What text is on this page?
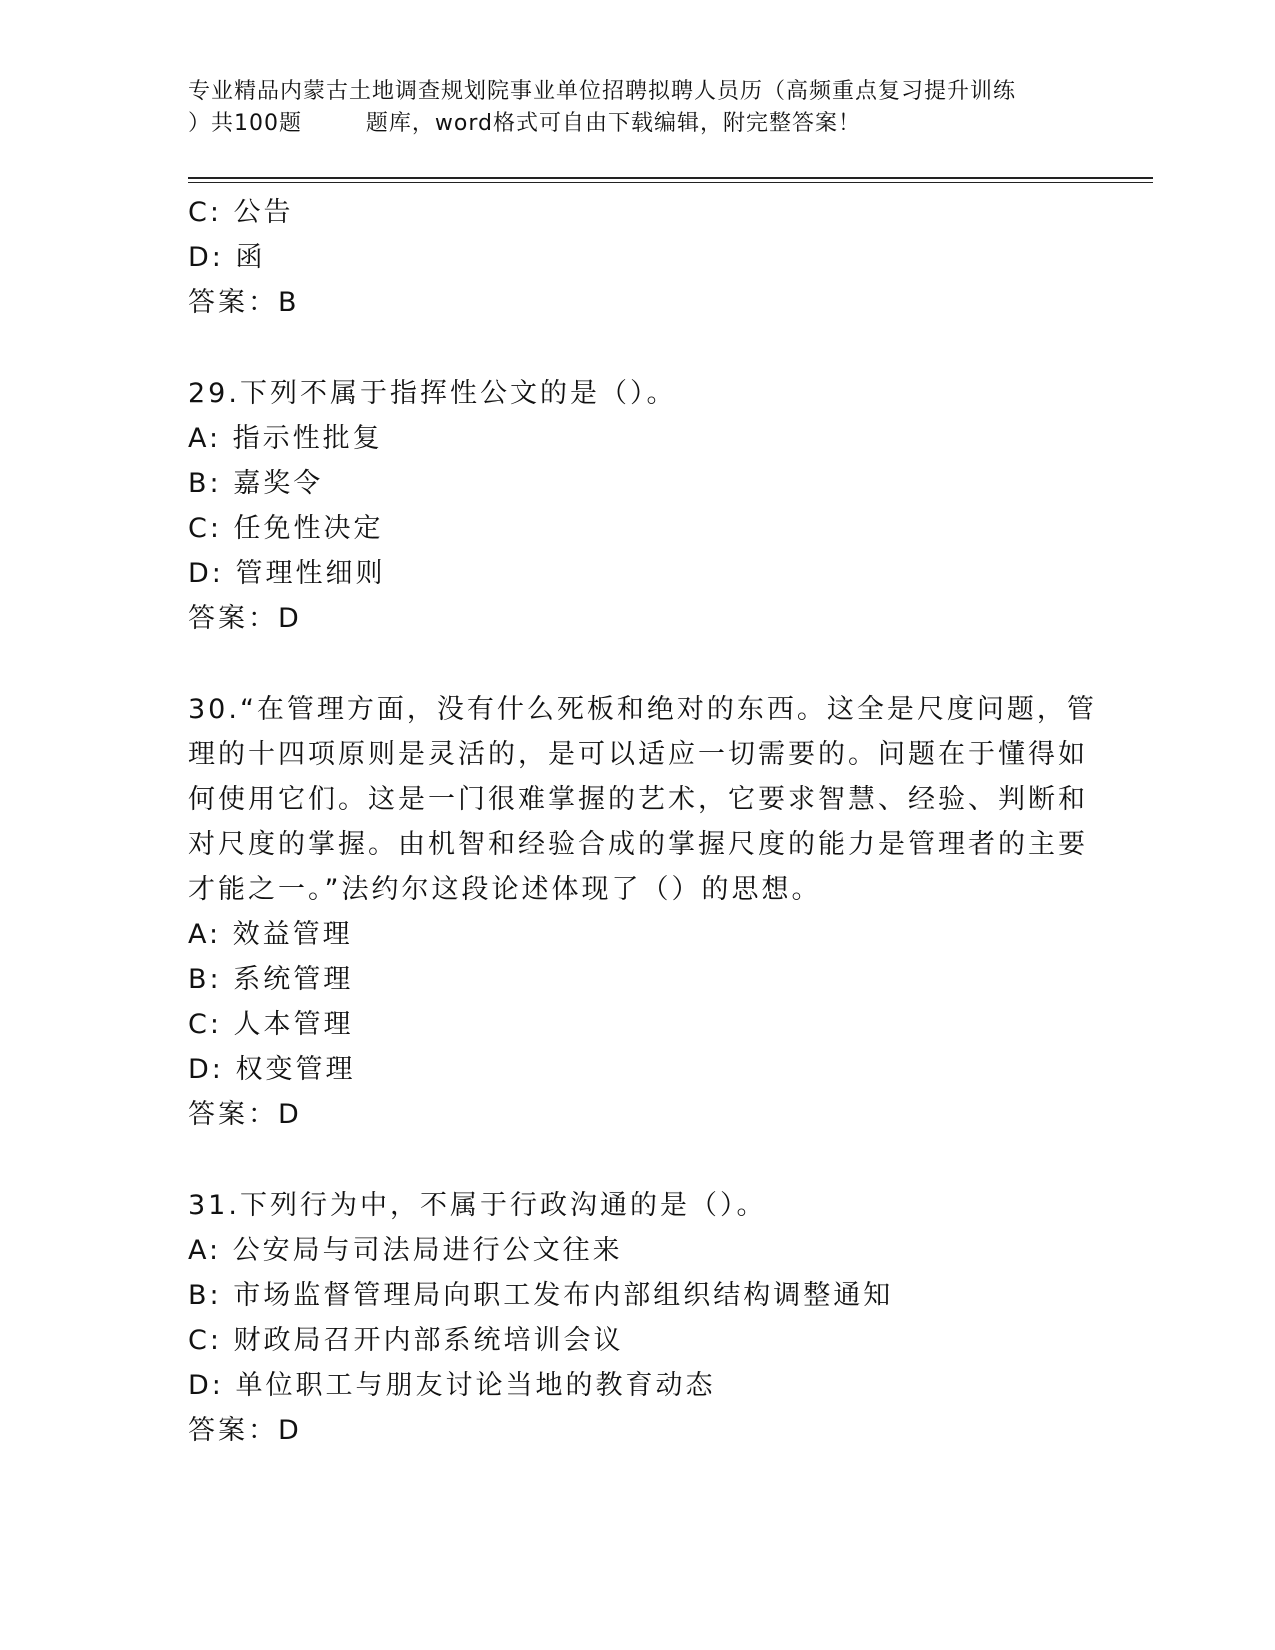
专业精品内蒙古土地调查规划院事业单位招聘拟聘人员历（高频重点复习提升训练
）共100题        题库，word格式可自由下载编辑，附完整答案！
C: 公告
D: 函
答案：B
29.下列不属于指挥性公文的是（）。
A: 指示性批复
B: 嘉奖令
C: 任免性决定
D: 管理性细则
答案：D
30.“在管理方面，没有什么死板和绝对的东西。这全是尺度问题，管
理的十四项原则是灵活的，是可以适应一切需要的。问题在于懂得如
何使用它们。这是一门很难掌握的艺术，它要求智慧、经验、判断和
对尺度的掌握。由机智和经验合成的掌握尺度的能力是管理者的主要
才能之一。”法约尔这段论述体现了（）的思想。
A: 效益管理
B: 系统管理
C: 人本管理
D: 权变管理
答案：D
31.下列行为中，不属于行政沟通的是（）。
A: 公安局与司法局进行公文往来
B: 市场监督管理局向职工发布内部组织结构调整通知
C: 财政局召开内部系统培训会议
D: 单位职工与朋友讨论当地的教育动态
答案：D
